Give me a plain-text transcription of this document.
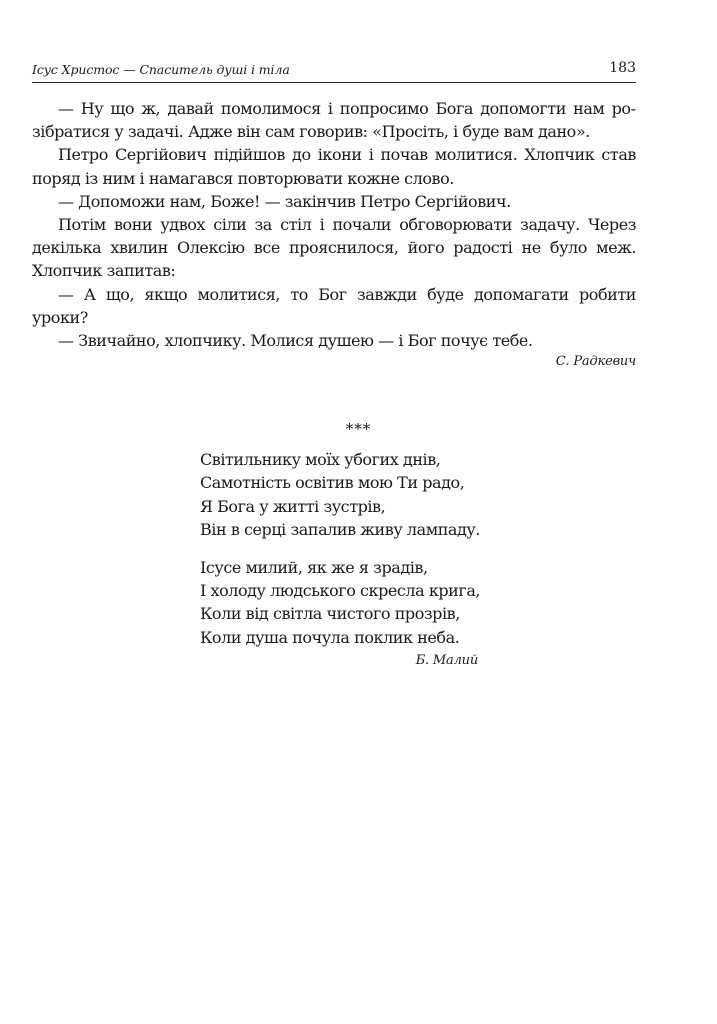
Ісус Христос — Спаситель душі і тіла	183

— Ну що ж, давай помолимося і попросимо Бога допомогти нам розібратися у задачі. Адже він сам говорив: «Просіть, і буде вам дано».

Петро Сергійович підійшов до ікони і почав молитися. Хлопчик став поряд із ним і намагався повторювати кожне слово.

— Допоможи нам, Боже! — закінчив Петро Сергійович.

Потім вони удвох сіли за стіл і почали обговорювати задачу. Через декілька хвилин Олексію все прояснилося, його радості не було меж. Хлопчик запитав:

— А що, якщо молитися, то Бог завжди буде допомагати робити уроки?

— Звичайно, хлопчику. Молися душею — і Бог почує тебе.

С. Радкевич
***
Світильнику моїх убогих днів,
Самотність освітив мою Ти радо,
Я Бога у житті зустрів,
Він в серці запалив живу лампаду.
Ісусе милий, як же я зрадів,
І холоду людського скресла крига,
Коли від світла чистого прозрів,
Коли душа почула поклик неба.
Б. Малий
